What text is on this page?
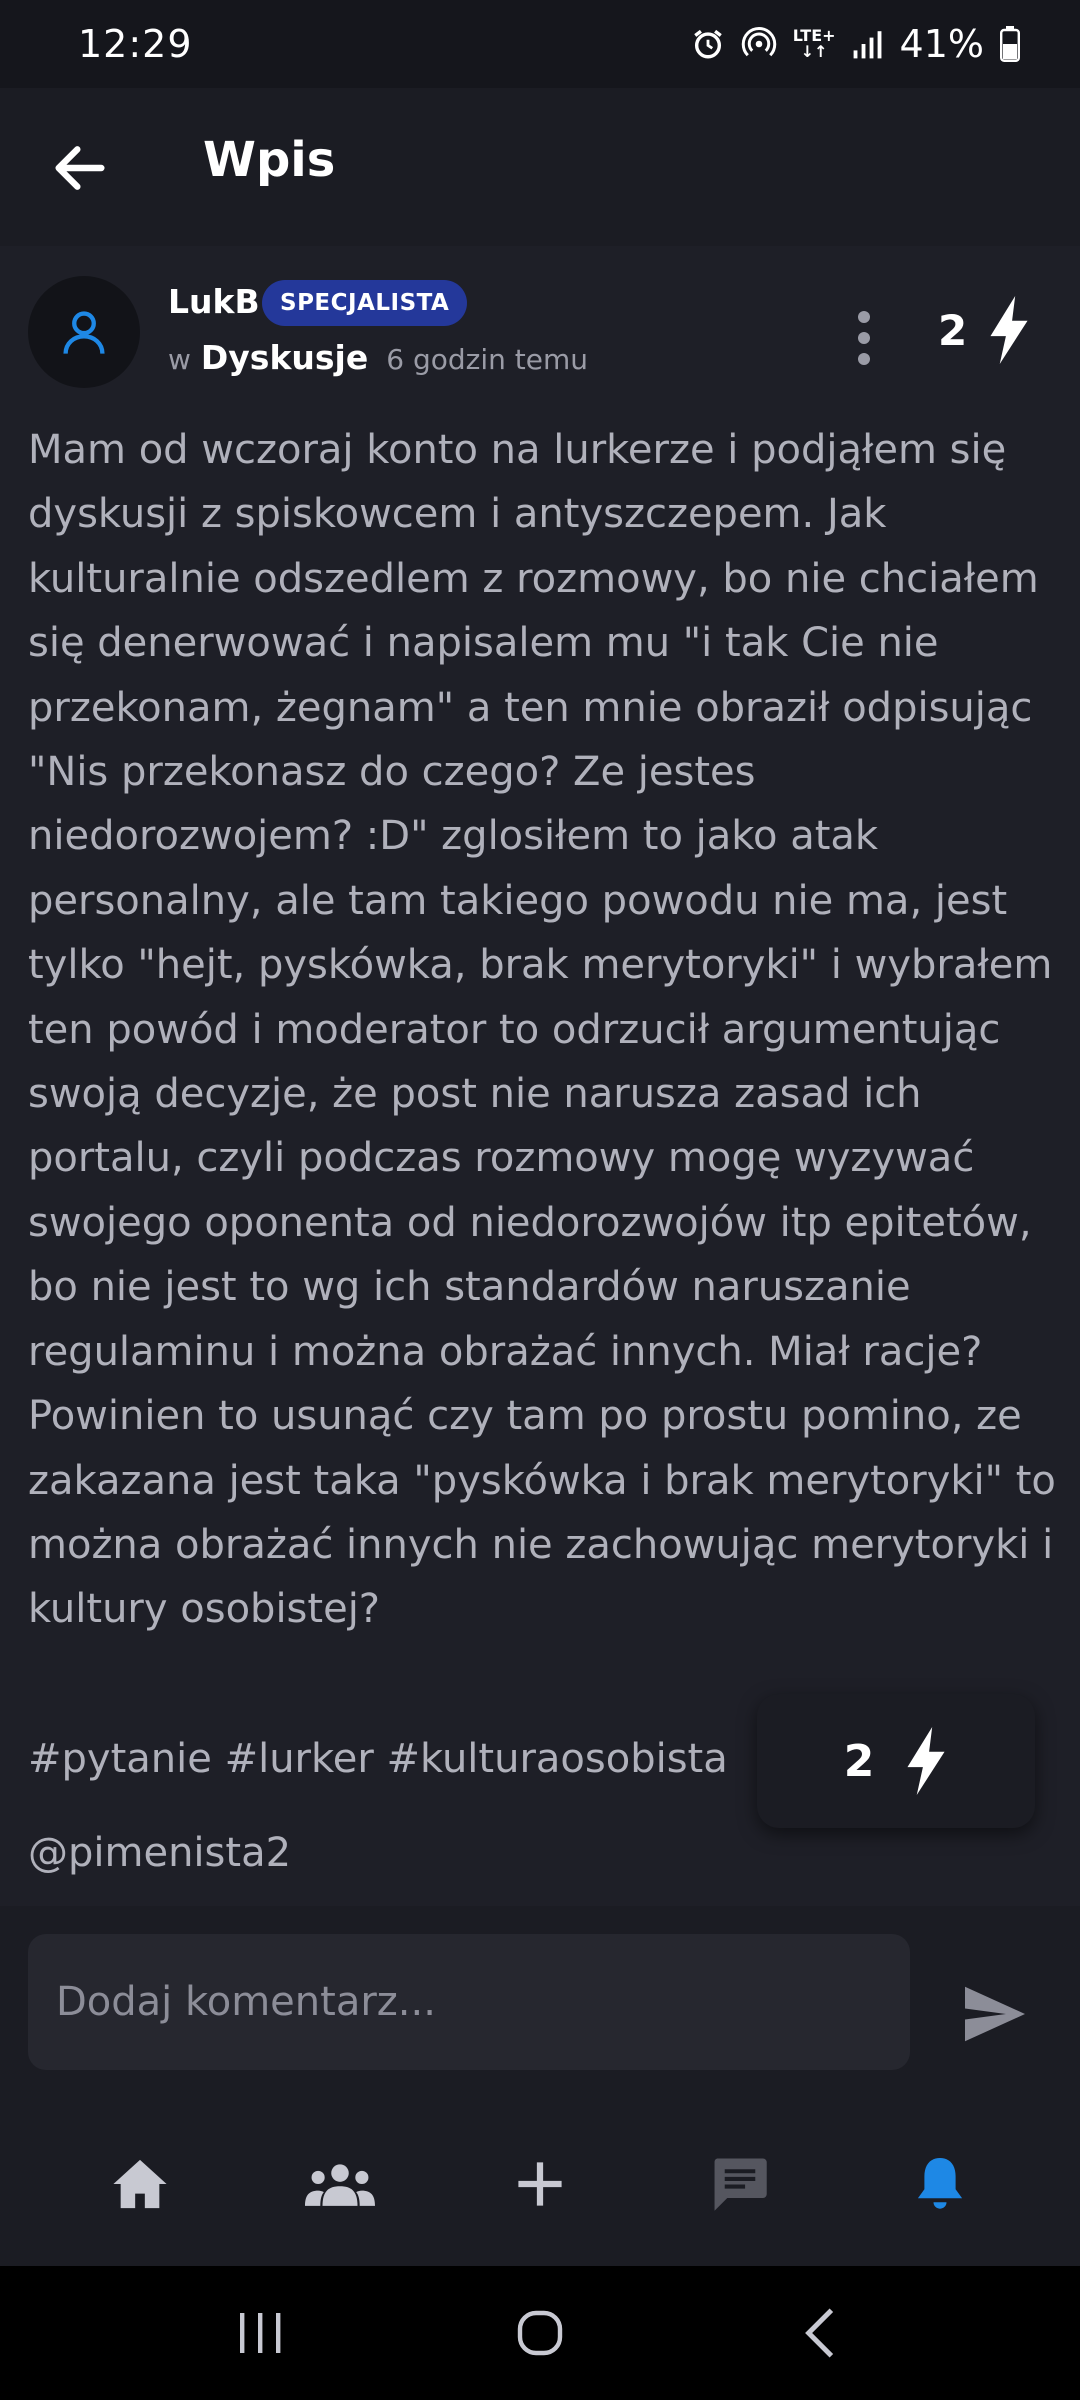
12:29	LTE+
↓↑ 41%
Wpis
LukB SPECJALISTA
w Dyskusje 6 godzin temu
2
Mam od wczoraj konto na lurkerze i podjąłem się dyskusji z spiskowcem i antyszczepem. Jak kulturalnie odszedlem z rozmowy, bo nie chciałem się denerwować i napisalem mu "i tak Cie nie przekonam, żegnam" a ten mnie obraził odpisując "Nis przekonasz do czego? Ze jestes niedorozwojem? :D" zglosiłem to jako atak personalny, ale tam takiego powodu nie ma, jest tylko "hejt, pyskówka, brak merytoryki" i wybrałem ten powód i moderator to odrzucił argumentując swoją decyzje, że post nie narusza zasad ich portalu, czyli podczas rozmowy mogę wyzywać swojego oponenta od niedorozwojów itp epitetów, bo nie jest to wg ich standardów naruszanie regulaminu i można obrażać innych. Miał racje? Powinien to usunąć czy tam po prostu pomino, ze zakazana jest taka "pyskówka i brak merytoryki" to można obrażać innych nie zachowując merytoryki i kultury osobistej?
#pytanie #lurker #kulturaosobista
@pimenista2
2
Dodaj komentarz...
